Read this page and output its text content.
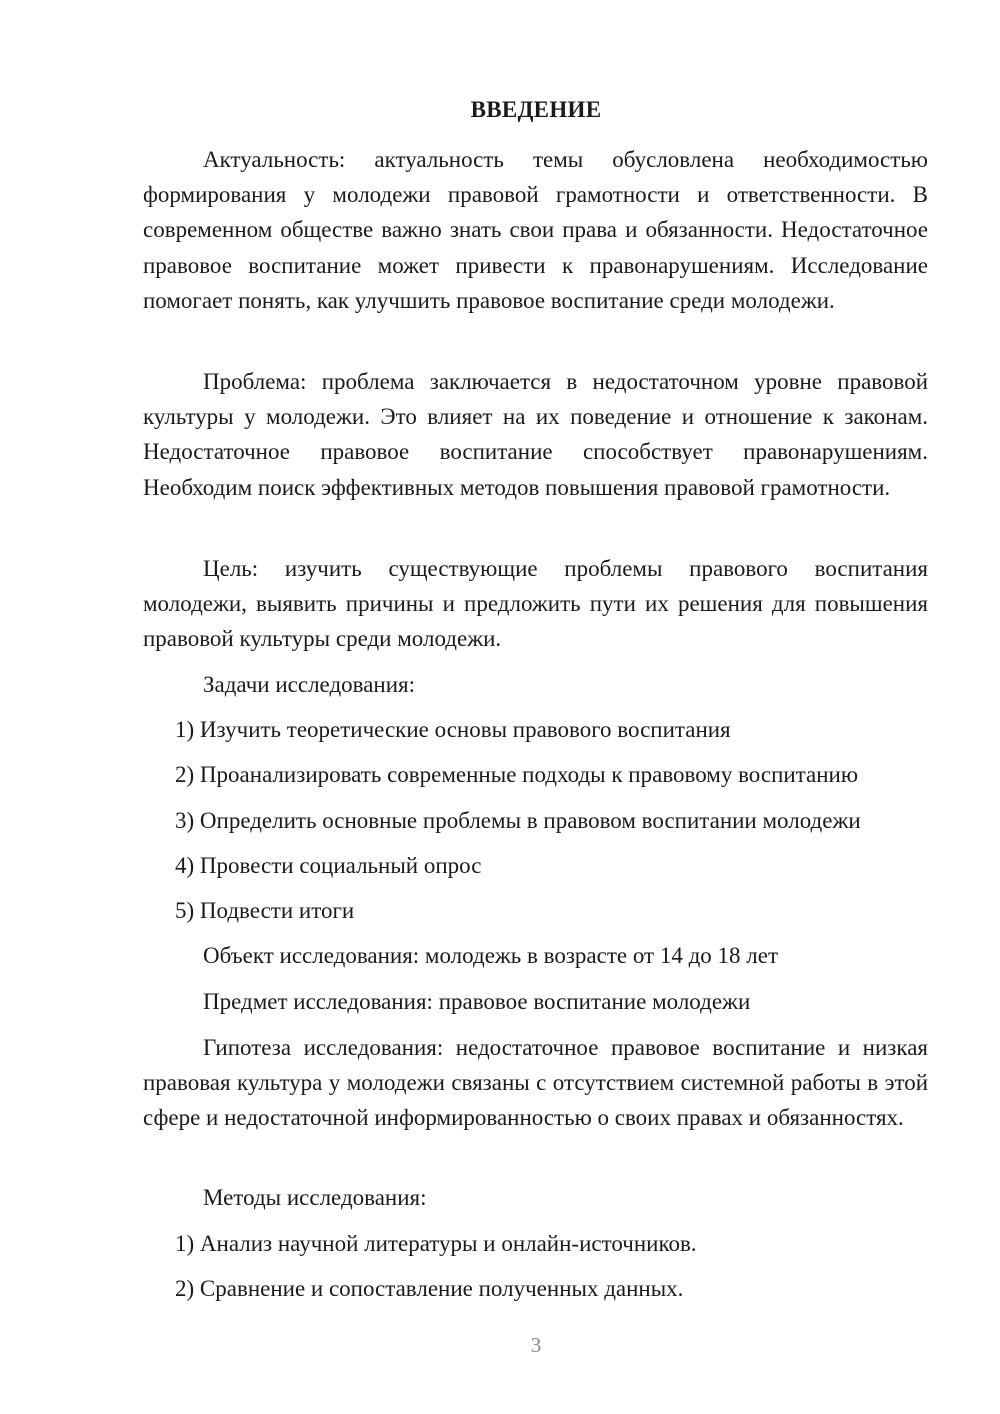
ВВЕДЕНИЕ

Актуальность: актуальность темы обусловлена необходимостью формирования у молодежи правовой грамотности и ответственности. В современном обществе важно знать свои права и обязанности. Недостаточное правовое воспитание может привести к правонарушениям. Исследование помогает понять, как улучшить правовое воспитание среди молодежи.

Проблема: проблема заключается в недостаточном уровне правовой культуры у молодежи. Это влияет на их поведение и отношение к законам. Недостаточное правовое воспитание способствует правонарушениям. Необходим поиск эффективных методов повышения правовой грамотности.

Цель: изучить существующие проблемы правового воспитания молодежи, выявить причины и предложить пути их решения для повышения правовой культуры среди молодежи.

Задачи исследования:

1) Изучить теоретические основы правового воспитания

2) Проанализировать современные подходы к правовому воспитанию

3) Определить основные проблемы в правовом воспитании молодежи

4) Провести социальный опрос

5) Подвести итоги

Объект исследования: молодежь в возрасте от 14 до 18 лет

Предмет исследования: правовое воспитание молодежи

Гипотеза исследования: недостаточное правовое воспитание и низкая правовая культура у молодежи связаны с отсутствием системной работы в этой сфере и недостаточной информированностью о своих правах и обязанностях.

Методы исследования:

1) Анализ научной литературы и онлайн-источников.

2) Сравнение и сопоставление полученных данных.

3
